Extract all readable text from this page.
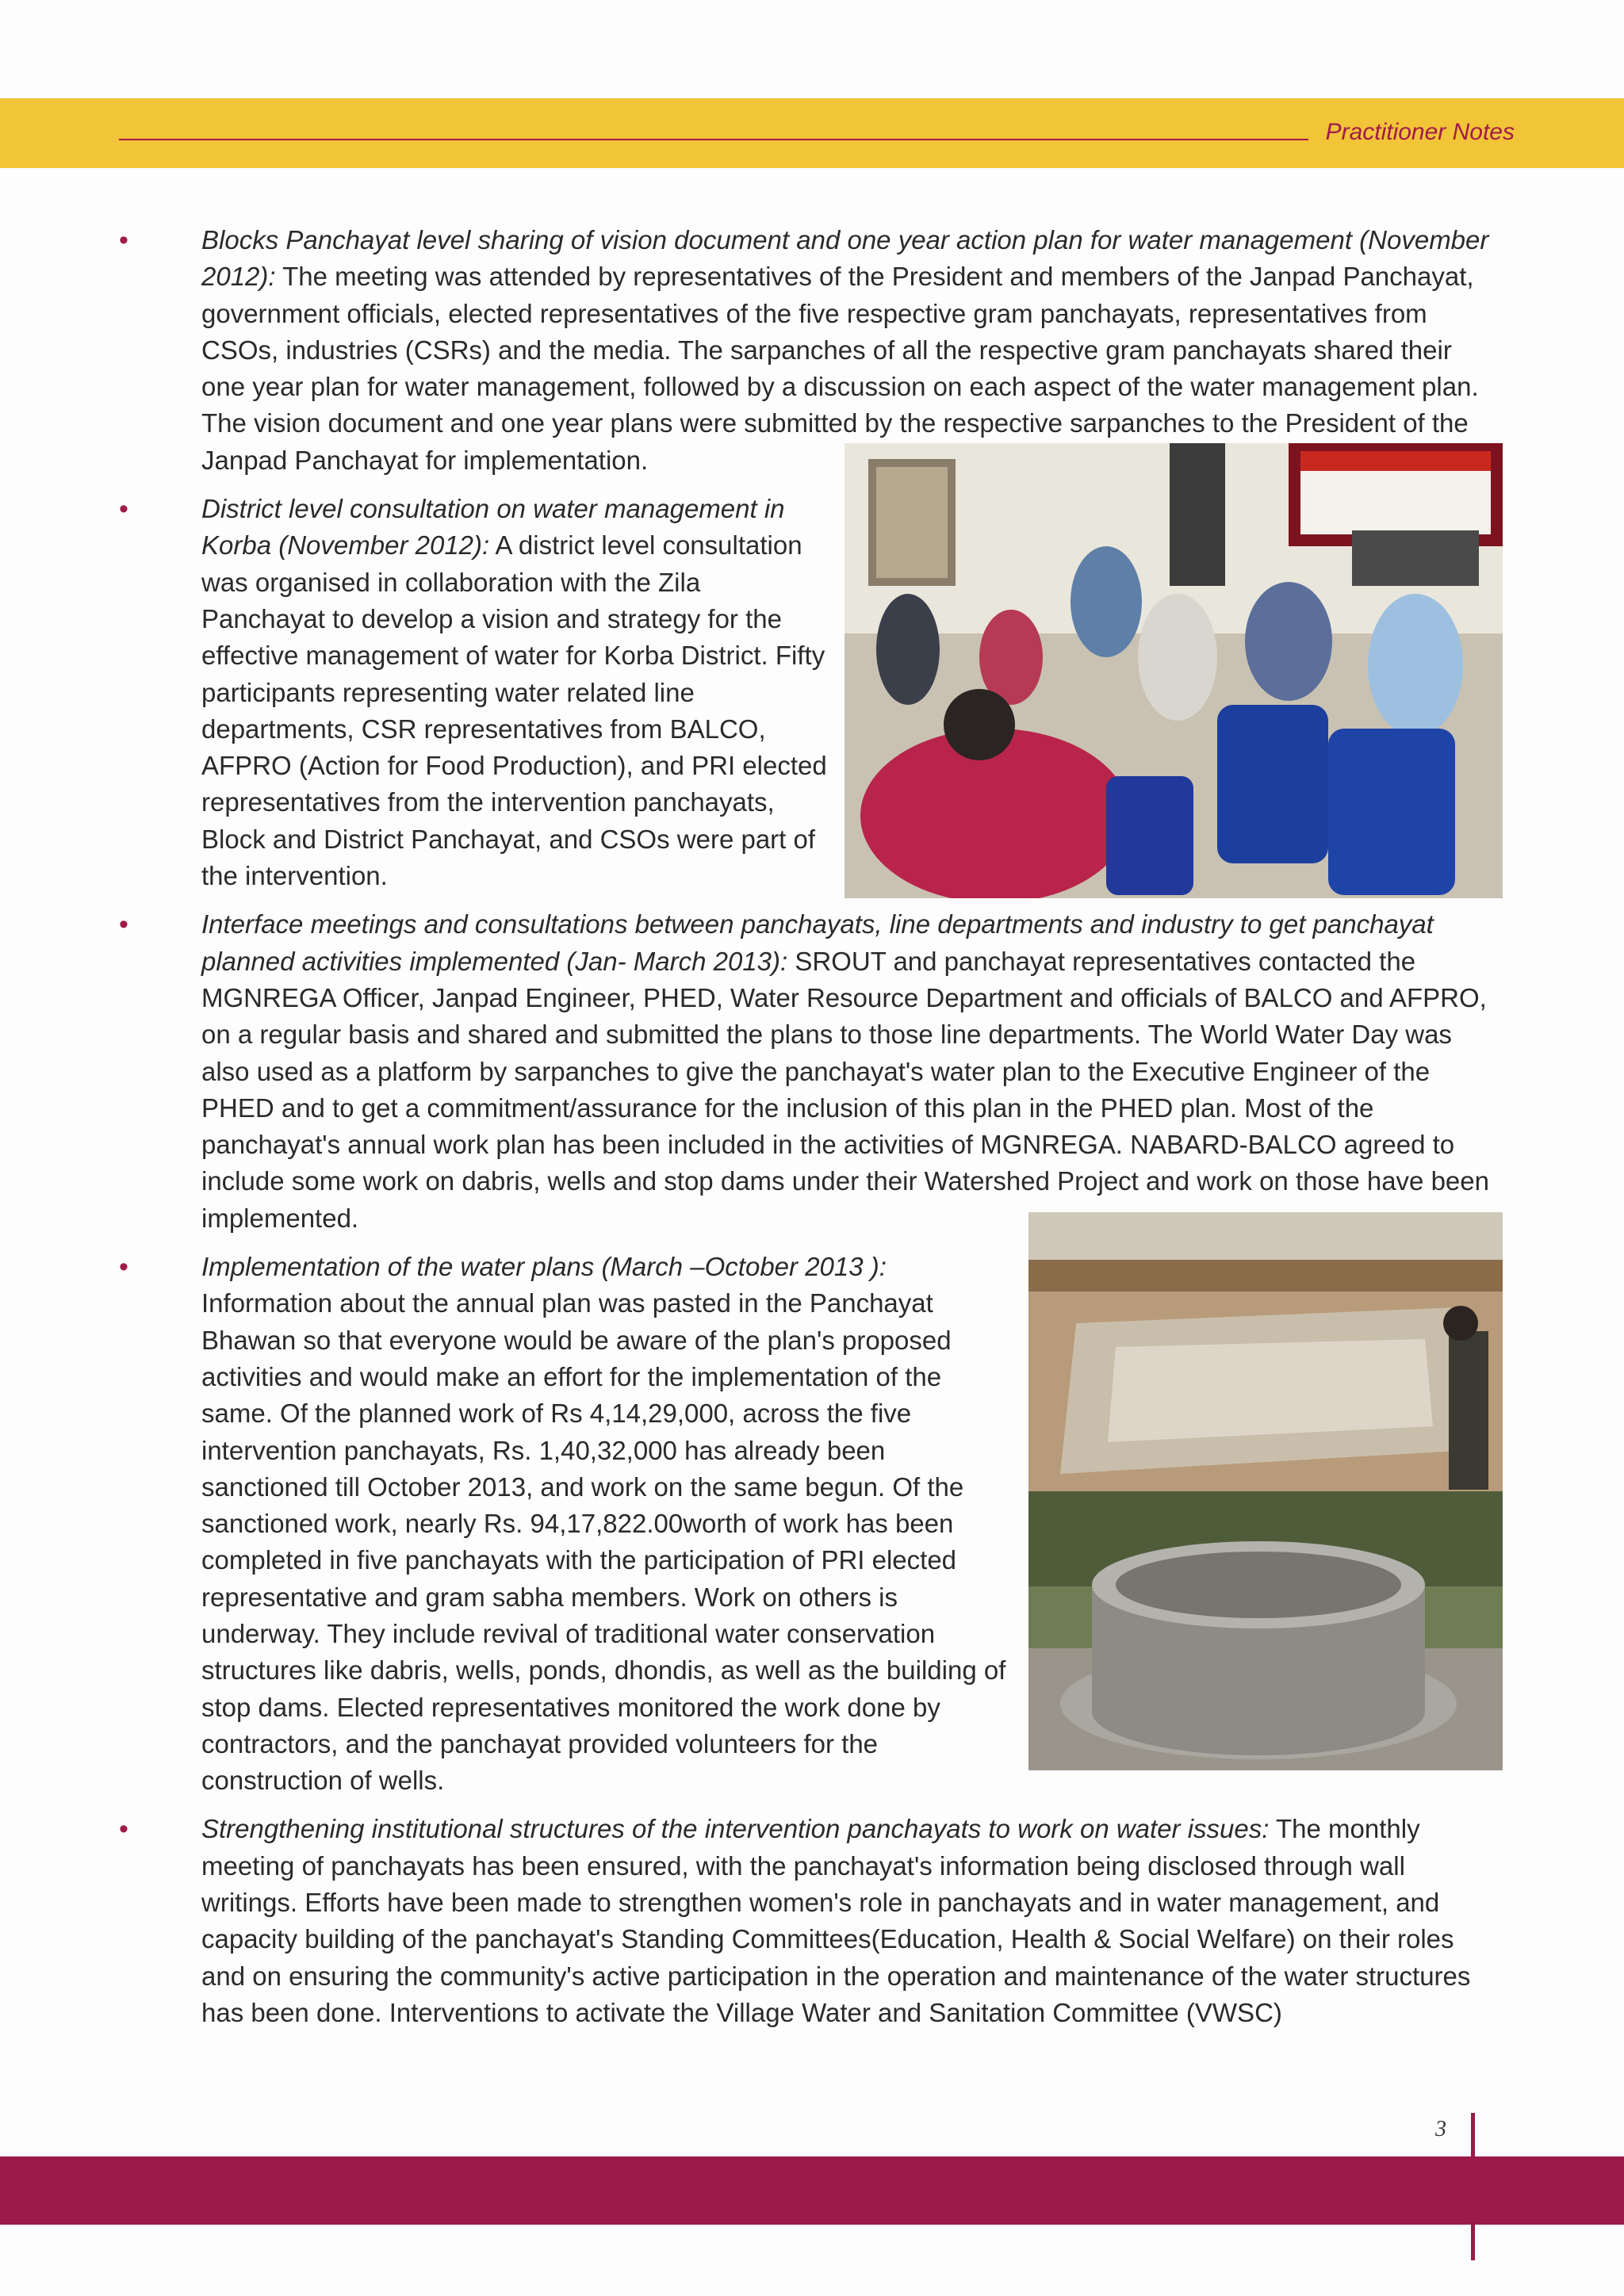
Practitioner Notes
•	Blocks Panchayat level sharing of vision document and one year action plan for water management (November 2012): The meeting was attended by representatives of the President and members of the Janpad Panchayat, government officials, elected representatives of the five respective gram panchayats, representatives from CSOs, industries (CSRs) and the media. The sarpanches of all the respective gram panchayats shared their one year plan for water management, followed by a discussion on each aspect of the water management plan. The vision document and one year plans were submitted by the respective sarpanches to the President of the Janpad Panchayat for implementation.
•	District level consultation on water management in Korba (November 2012): A district level consultation was organised in collaboration with the Zila Panchayat to develop a vision and strategy for the effective management of water for Korba District. Fifty participants representing water related line departments, CSR representatives from BALCO, AFPRO (Action for Food Production), and PRI elected representatives from the intervention panchayats, Block and District Panchayat, and CSOs were part of the intervention.
•	Interface meetings and consultations between panchayats, line departments and industry to get panchayat planned activities implemented (Jan- March 2013): SROUT and panchayat representatives contacted the MGNREGA Officer, Janpad Engineer, PHED, Water Resource Department and officials of BALCO and AFPRO, on a regular basis and shared and submitted the plans to those line departments. The World Water Day was also used as a platform by sarpanches to give the panchayat's water plan to the Executive Engineer of the PHED and to get a commitment/assurance for the inclusion of this plan in the PHED plan. Most of the panchayat's annual work plan has been included in the activities of MGNREGA. NABARD-BALCO agreed to include some work on dabris, wells and stop dams under their Watershed Project and work on those have been implemented.
•	Implementation of the water plans (March –October 2013 ): Information about the annual plan was pasted in the Panchayat Bhawan so that everyone would be aware of the plan's proposed activities and would make an effort for the implementation of the same. Of the planned work of Rs 4,14,29,000, across the five intervention panchayats, Rs. 1,40,32,000 has already been sanctioned till October 2013, and work on the same begun. Of the sanctioned work, nearly Rs. 94,17,822.00worth of work has been completed in five panchayats with the participation of PRI elected representative and gram sabha members. Work on others is underway. They include revival of traditional water conservation structures like dabris, wells, ponds, dhondis, as well as the building of stop dams. Elected representatives monitored the work done by contractors, and the panchayat provided volunteers for the construction of wells.
•	Strengthening institutional structures of the intervention panchayats to work on water issues: The monthly meeting of panchayats has been ensured, with the panchayat's information being disclosed through wall writings. Efforts have been made to strengthen women's role in panchayats and in water management, and capacity building of the panchayat's Standing Committees(Education, Health & Social Welfare) on their roles and on ensuring the community's active participation in the operation and maintenance of the water structures has been done. Interventions to activate the Village Water and Sanitation Committee (VWSC)
3
